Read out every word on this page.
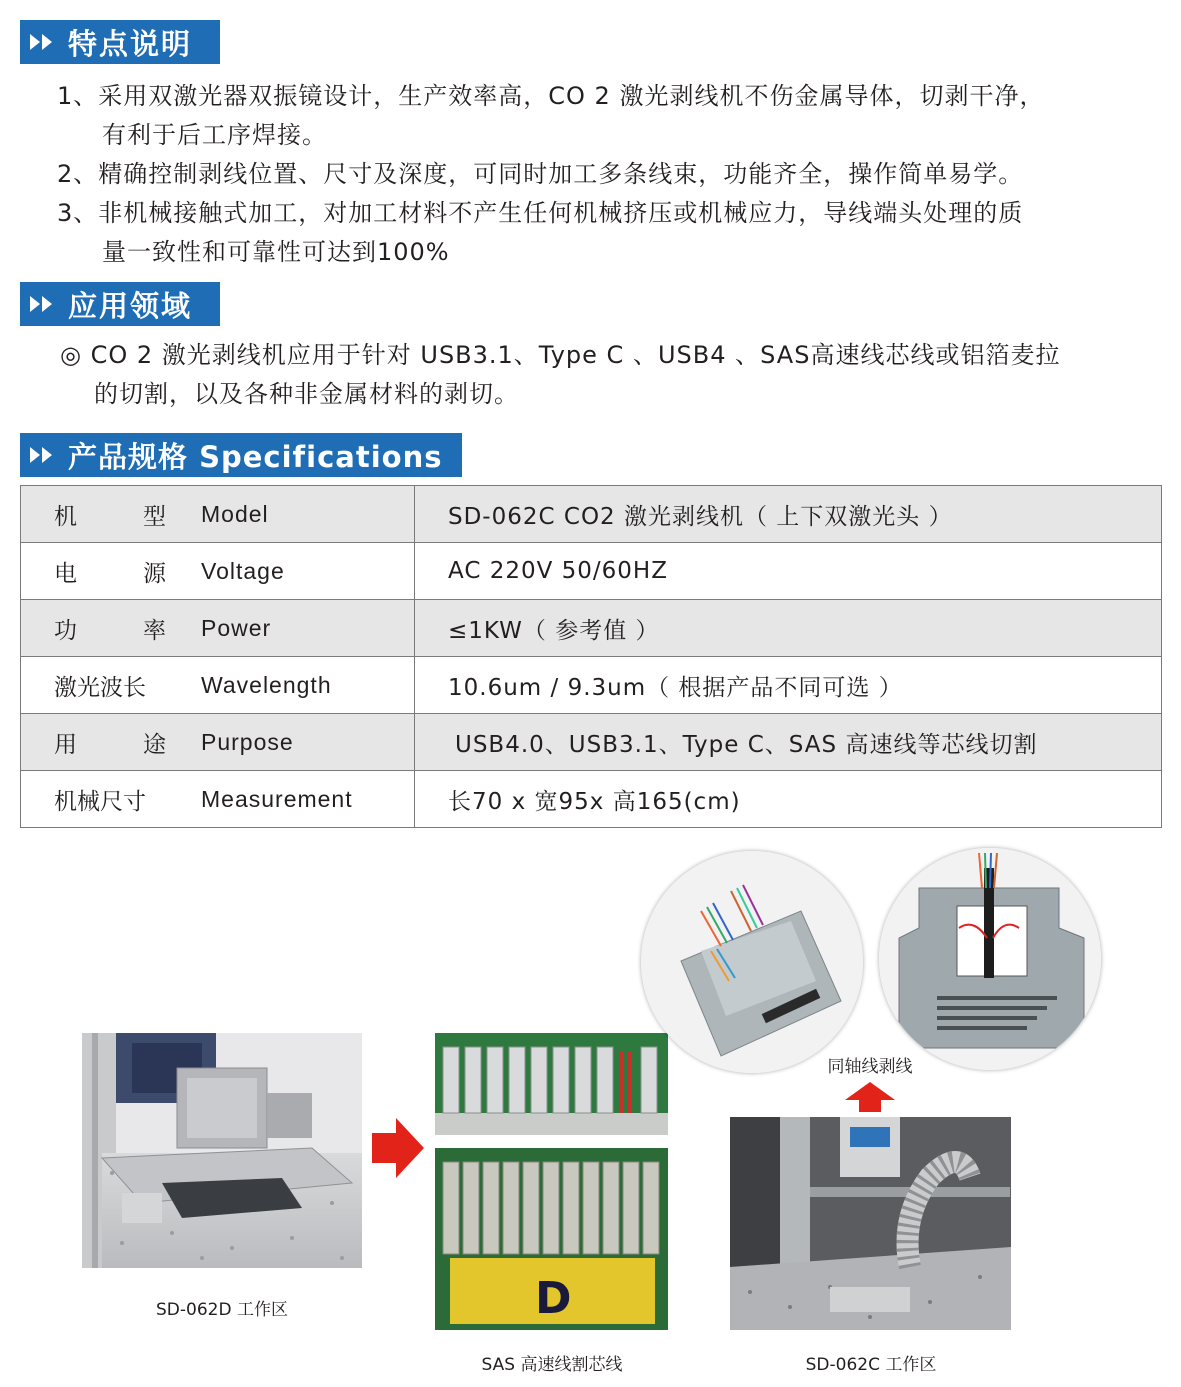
特点说明
1、采用双激光器双振镜设计，生产效率高，CO 2 激光剥线机不伤金属导体，切剥干净，
有利于后工序焊接。
2、精确控制剥线位置、尺寸及深度，可同时加工多条线束，功能齐全，操作简单易学。
3、非机械接触式加工，对加工材料不产生任何机械挤压或机械应力，导线端头处理的质
量一致性和可靠性可达到100%
应用领域
◎ CO 2 激光剥线机应用于针对 USB3.1、Type C 、USB4 、SAS高速线芯线或铝箔麦拉
的切割，以及各种非金属材料的剥切。
产品规格 Specifications
机 型 Model	SD-062C CO2 激光剥线机（ 上下双激光头 ）

电 源 Voltage	AC 220V 50/60HZ

功 率 Power	≤1KW（ 参考值 ）

激光波长 Wavelength	10.6um / 9.3um（ 根据产品不同可选 ）

用 途 Purpose	USB4.0、USB3.1、Type C、SAS 高速线等芯线切割

机械尺寸 Measurement	长70 x 宽95x 高165(cm)
SD-062D 工作区	D
SAS 高速线割芯线
同轴线剥线
SD-062C 工作区
